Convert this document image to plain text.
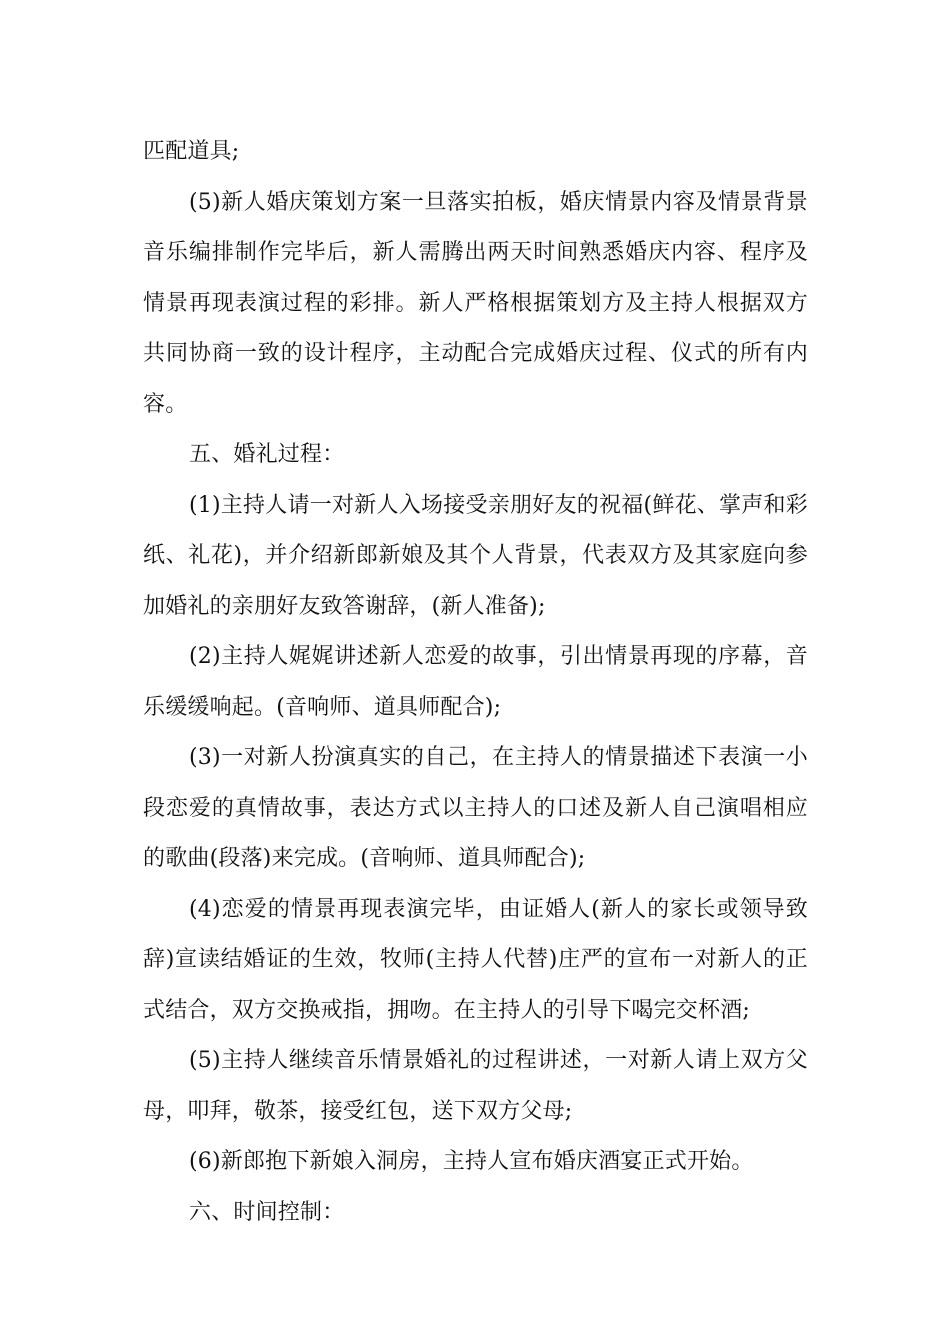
匹配道具;

(5)新人婚庆策划方案一旦落实拍板，婚庆情景内容及情景背景音乐编排制作完毕后，新人需腾出两天时间熟悉婚庆内容、程序及情景再现表演过程的彩排。新人严格根据策划方及主持人根据双方共同协商一致的设计程序，主动配合完成婚庆过程、仪式的所有内容。

五、婚礼过程：

(1)主持人请一对新人入场接受亲朋好友的祝福(鲜花、掌声和彩纸、礼花)，并介绍新郎新娘及其个人背景，代表双方及其家庭向参加婚礼的亲朋好友致答谢辞，(新人准备);

(2)主持人娓娓讲述新人恋爱的故事，引出情景再现的序幕，音乐缓缓响起。(音响师、道具师配合);

(3)一对新人扮演真实的自己，在主持人的情景描述下表演一小段恋爱的真情故事，表达方式以主持人的口述及新人自己演唱相应的歌曲(段落)来完成。(音响师、道具师配合);

(4)恋爱的情景再现表演完毕，由证婚人(新人的家长或领导致辞)宣读结婚证的生效，牧师(主持人代替)庄严的宣布一对新人的正式结合，双方交换戒指，拥吻。在主持人的引导下喝完交杯酒;

(5)主持人继续音乐情景婚礼的过程讲述，一对新人请上双方父母，叩拜，敬茶，接受红包，送下双方父母;

(6)新郎抱下新娘入洞房，主持人宣布婚庆酒宴正式开始。

六、时间控制：
